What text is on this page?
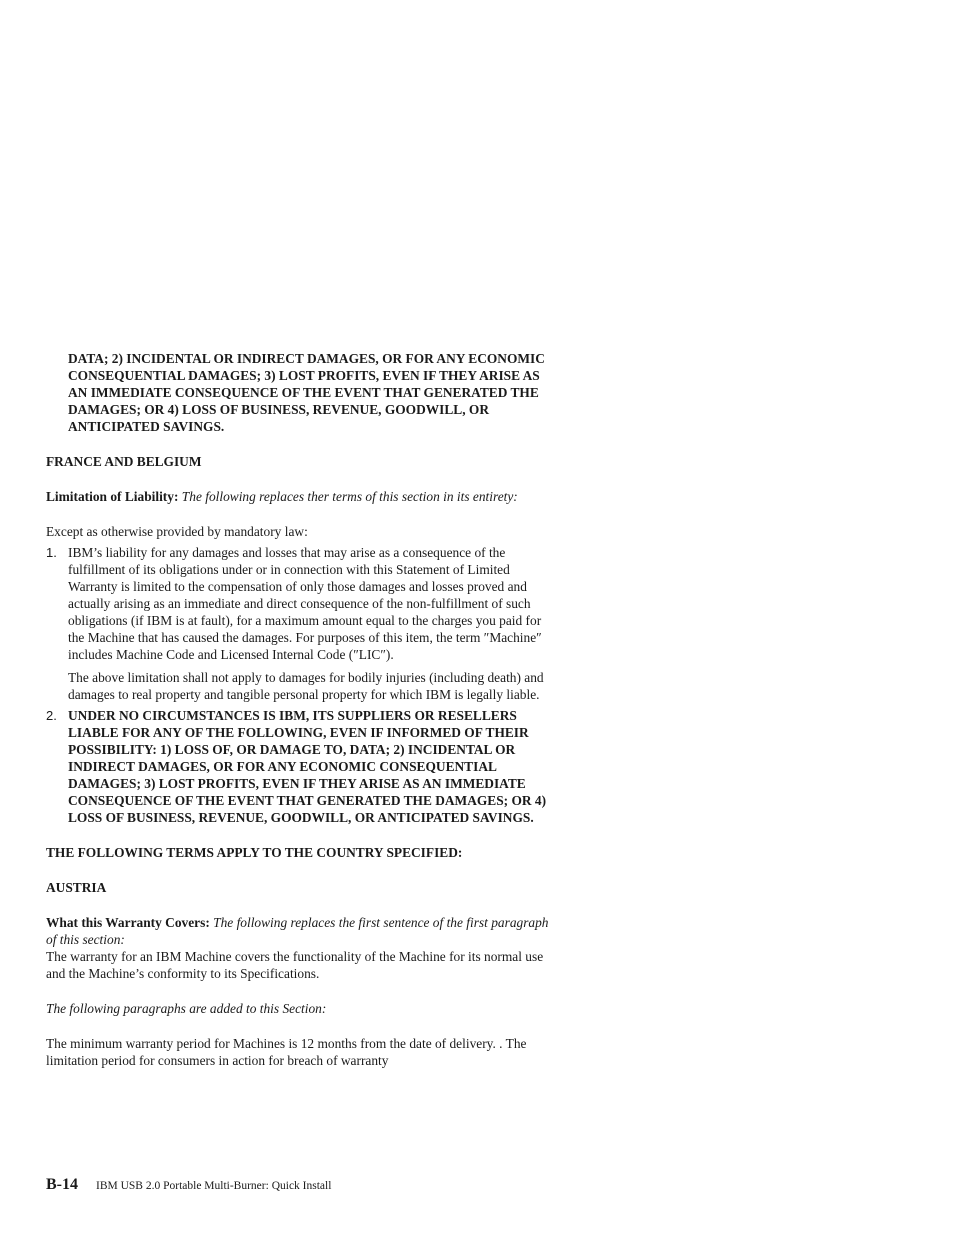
DATA; 2) INCIDENTAL OR INDIRECT DAMAGES, OR FOR ANY ECONOMIC CONSEQUENTIAL DAMAGES; 3) LOST PROFITS, EVEN IF THEY ARISE AS AN IMMEDIATE CONSEQUENCE OF THE EVENT THAT GENERATED THE DAMAGES; OR 4) LOSS OF BUSINESS, REVENUE, GOODWILL, OR ANTICIPATED SAVINGS.

FRANCE AND BELGIUM

Limitation of Liability: The following replaces ther terms of this section in its entirety:

Except as otherwise provided by mandatory law:

1. IBM’s liability for any damages and losses that may arise as a consequence of the fulfillment of its obligations under or in connection with this Statement of Limited Warranty is limited to the compensation of only those damages and losses proved and actually arising as an immediate and direct consequence of the non-fulfillment of such obligations (if IBM is at fault), for a maximum amount equal to the charges you paid for the Machine that has caused the damages. For purposes of this item, the term ″Machine″ includes Machine Code and Licensed Internal Code (″LIC″).

The above limitation shall not apply to damages for bodily injuries (including death) and damages to real property and tangible personal property for which IBM is legally liable.

2. UNDER NO CIRCUMSTANCES IS IBM, ITS SUPPLIERS OR RESELLERS LIABLE FOR ANY OF THE FOLLOWING, EVEN IF INFORMED OF THEIR POSSIBILITY: 1) LOSS OF, OR DAMAGE TO, DATA; 2) INCIDENTAL OR INDIRECT DAMAGES, OR FOR ANY ECONOMIC CONSEQUENTIAL DAMAGES; 3) LOST PROFITS, EVEN IF THEY ARISE AS AN IMMEDIATE CONSEQUENCE OF THE EVENT THAT GENERATED THE DAMAGES; OR 4) LOSS OF BUSINESS, REVENUE, GOODWILL, OR ANTICIPATED SAVINGS.

THE FOLLOWING TERMS APPLY TO THE COUNTRY SPECIFIED:

AUSTRIA

What this Warranty Covers: The following replaces the first sentence of the first paragraph of this section:

The warranty for an IBM Machine covers the functionality of the Machine for its normal use and the Machine’s conformity to its Specifications.

The following paragraphs are added to this Section:

The minimum warranty period for Machines is 12 months from the date of delivery. . The limitation period for consumers in action for breach of warranty

B-14 IBM USB 2.0 Portable Multi-Burner: Quick Install
